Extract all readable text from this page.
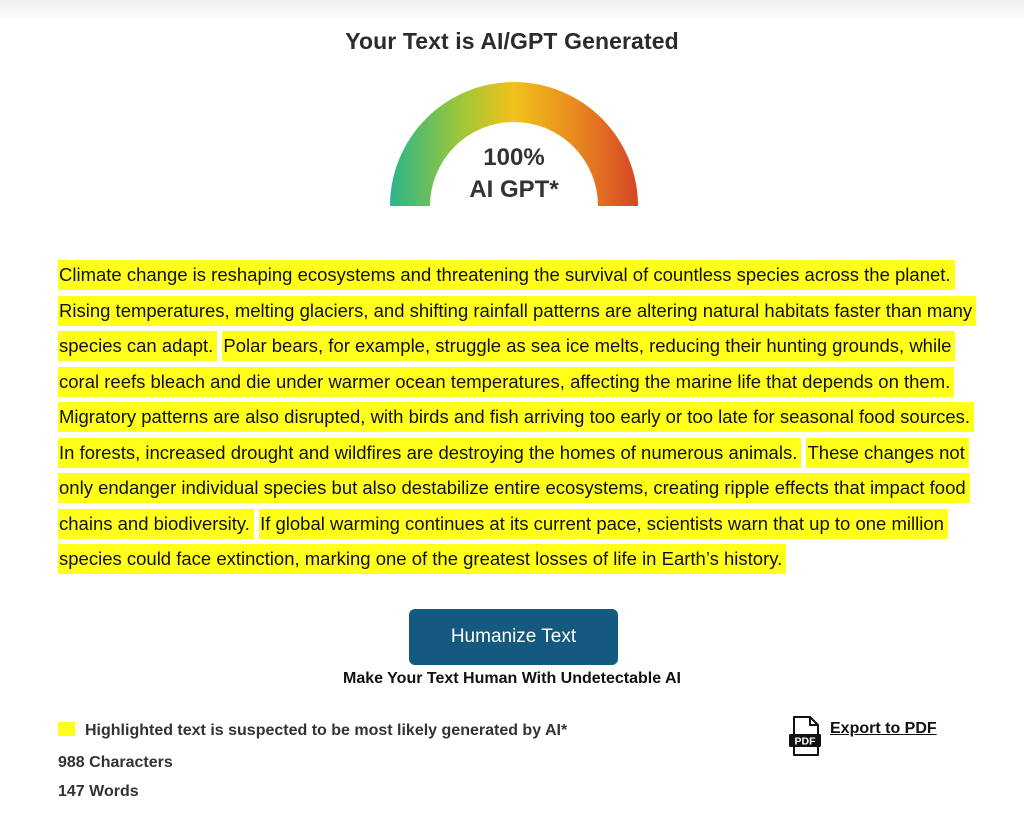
Your Text is AI/GPT Generated
100%
AI GPT*
Climate change is reshaping ecosystems and threatening the survival of countless species across the planet. Rising temperatures, melting glaciers, and shifting rainfall patterns are altering natural habitats faster than many species can adapt. Polar bears, for example, struggle as sea ice melts, reducing their hunting grounds, while coral reefs bleach and die under warmer ocean temperatures, affecting the marine life that depends on them. Migratory patterns are also disrupted, with birds and fish arriving too early or too late for seasonal food sources. In forests, increased drought and wildfires are destroying the homes of numerous animals. These changes not only endanger individual species but also destabilize entire ecosystems, creating ripple effects that impact food chains and biodiversity. If global warming continues at its current pace, scientists warn that up to one million species could face extinction, marking one of the greatest losses of life in Earth’s history.
Humanize Text
Make Your Text Human With Undetectable AI
Highlighted text is suspected to be most likely generated by AI*
988 Characters
147 Words
PDF
Export to PDF
